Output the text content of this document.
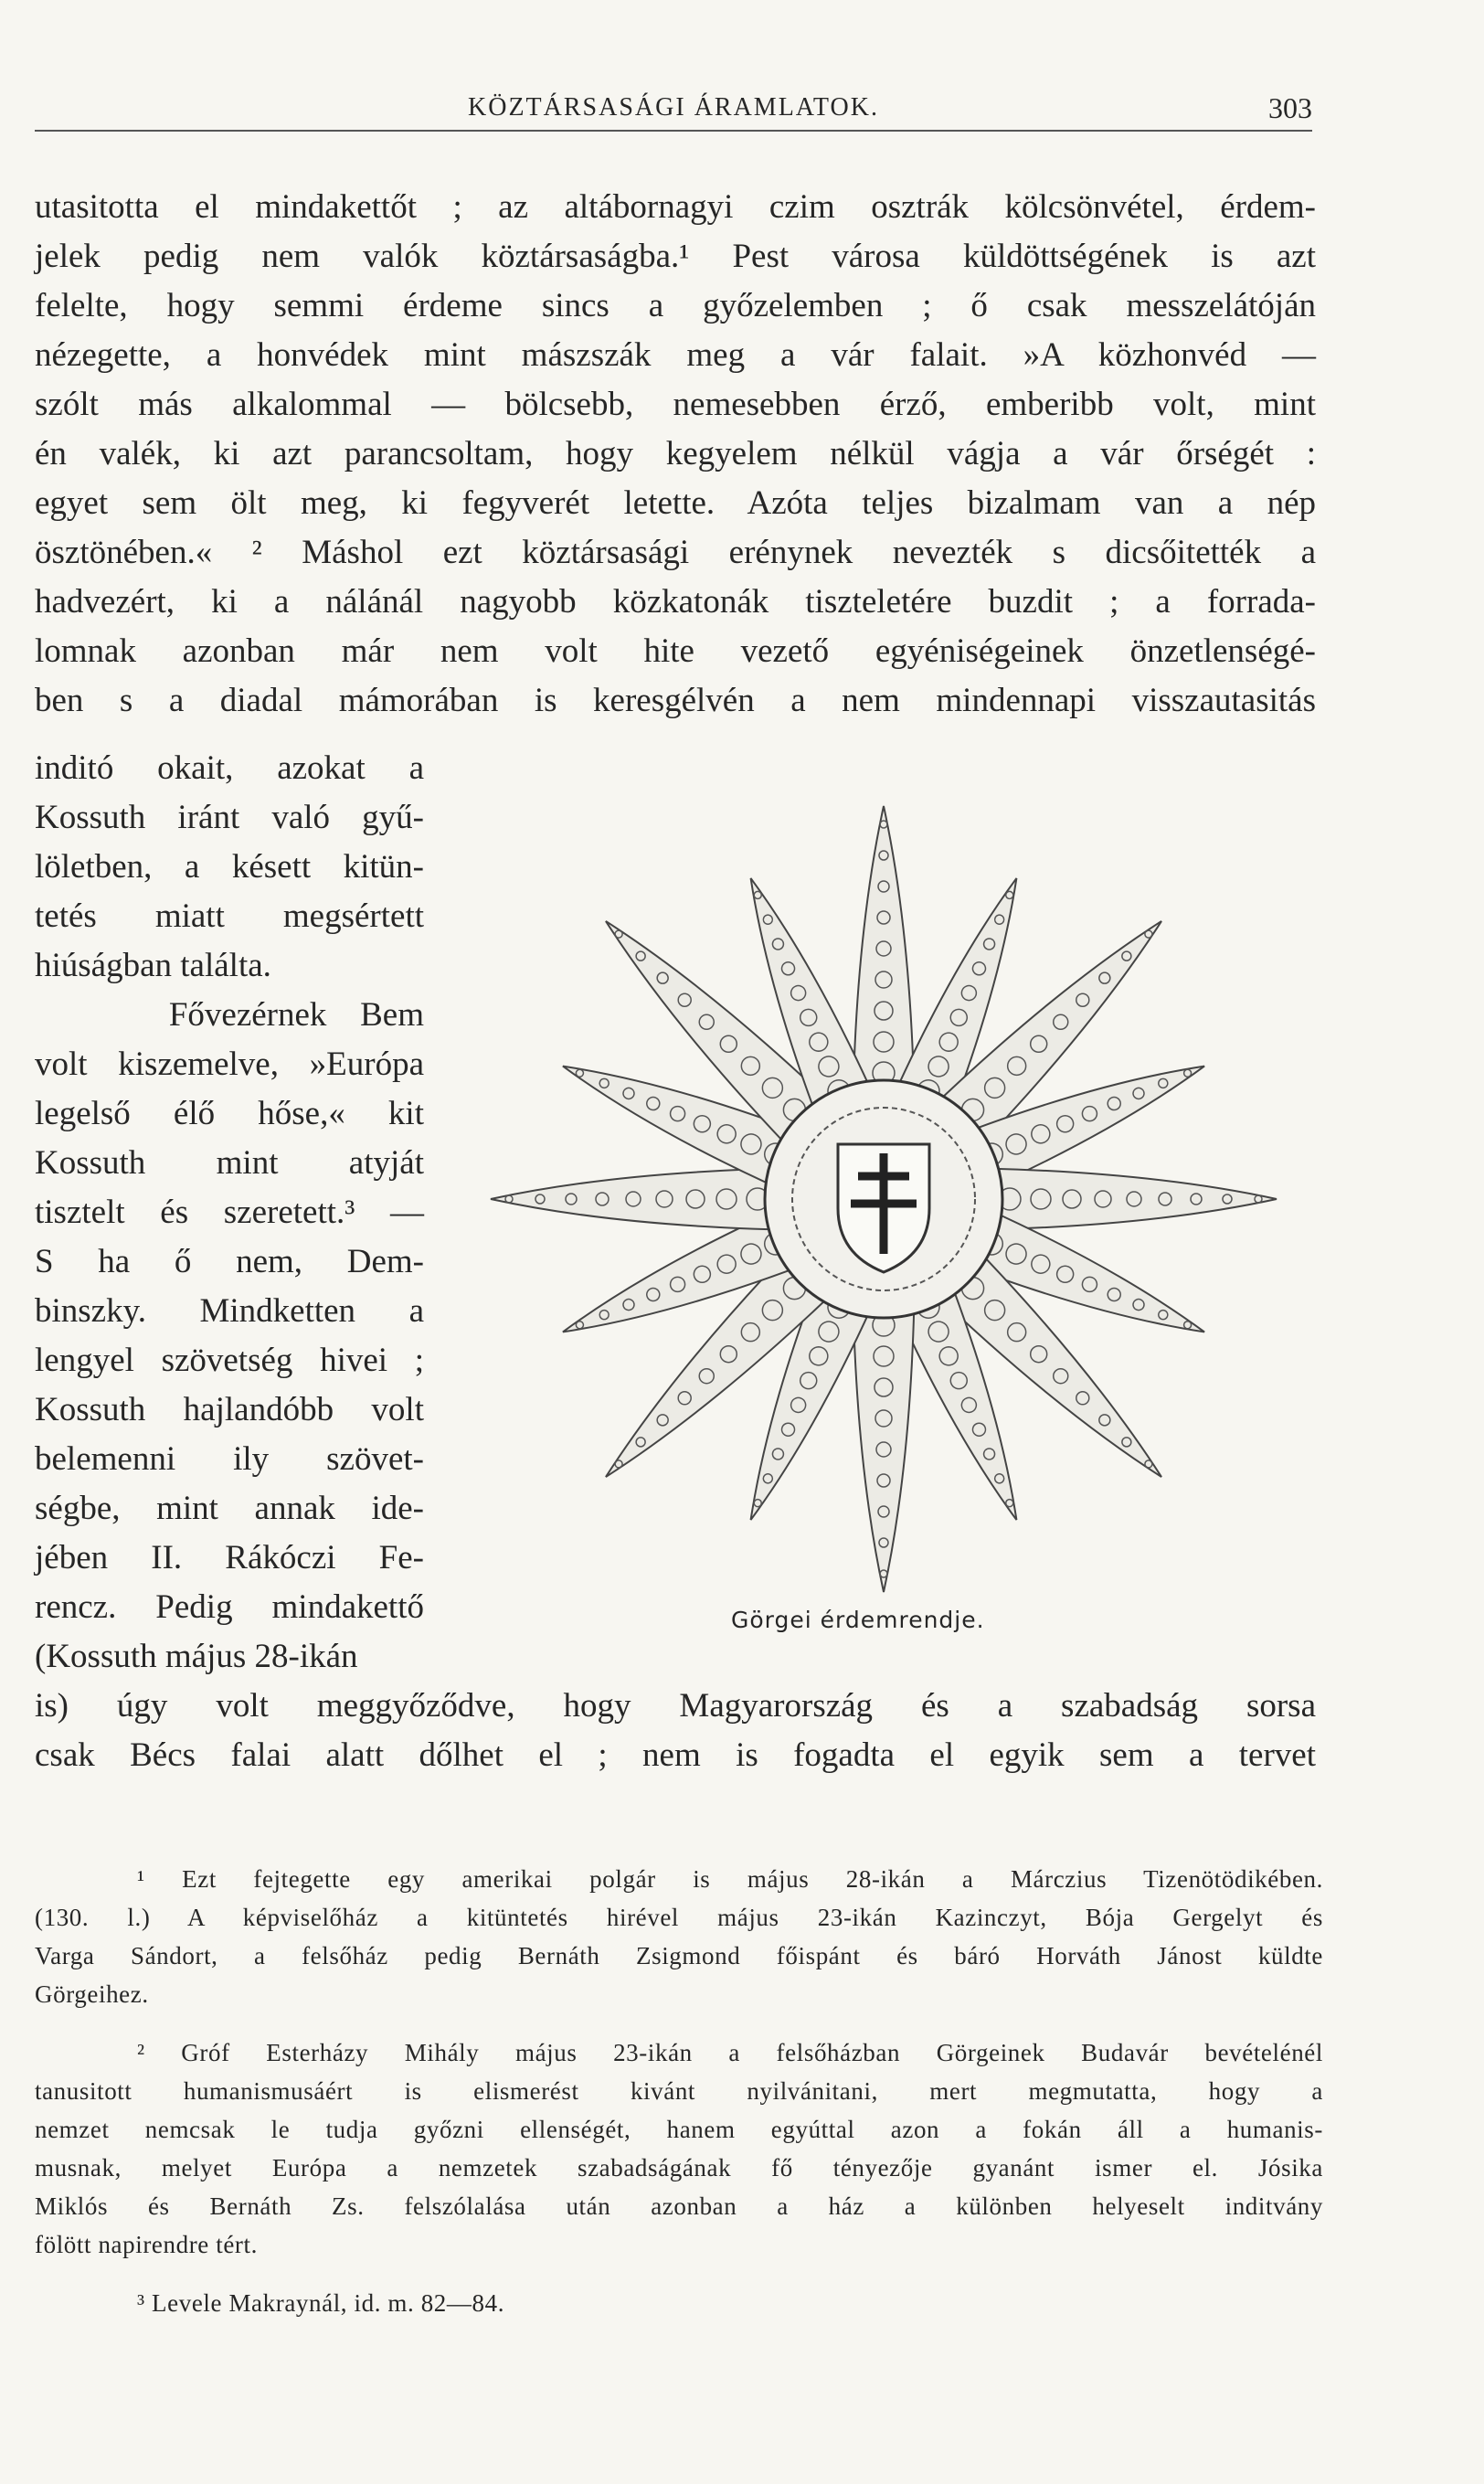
KÖZTÁRSASÁGI ÁRAMLATOK.	303
utasitotta el mindakettőt ; az altábornagyi czim osztrák kölcsönvétel, érdem-
jelek pedig nem valók köztársaságba.¹ Pest városa küldöttségének is azt
felelte, hogy semmi érdeme sincs a győzelemben ; ő csak messzelátóján
nézegette, a honvédek mint mászszák meg a vár falait. »A közhonvéd —
szólt más alkalommal — bölcsebb, nemesebben érző, emberibb volt, mint
én valék, ki azt parancsoltam, hogy kegyelem nélkül vágja a vár őrségét :
egyet sem ölt meg, ki fegyverét letette. Azóta teljes bizalmam van a nép
ösztönében.« ² Máshol ezt köztársasági erénynek nevezték s dicsőitették a
hadvezért, ki a nálánál nagyobb közkatonák tiszteletére buzdit ; a forrada-
lomnak azonban már nem volt hite vezető egyéniségeinek önzetlenségé-
ben s a diadal mámorában is keresgélvén a nem mindennapi visszautasitás
inditó okait, azokat a
Kossuth iránt való gyű-
löletben, a késett kitün-
tetés miatt megsértett
hiúságban találta.
Fővezérnek Bem
volt kiszemelve, »Európa
legelső élő hőse,« kit
Kossuth mint atyját
tisztelt és szeretett.³ —
S ha ő nem, Dem-
binszky. Mindketten a
lengyel szövetség hivei ;
Kossuth hajlandóbb volt
belemenni ily szövet-
ségbe, mint annak ide-
jében II. Rákóczi Fe-
rencz. Pedig mindakettő
(Kossuth május 28-ikán
Görgei érdemrendje.
is) úgy volt meggyőződve, hogy Magyarország és a szabadság sorsa
csak Bécs falai alatt dőlhet el ; nem is fogadta el egyik sem a tervet
¹ Ezt fejtegette egy amerikai polgár is május 28-ikán a Márczius Tizenötödikében.
(130. l.) A képviselőház a kitüntetés hirével május 23-ikán Kazinczyt, Bója Gergelyt és
Varga Sándort, a felsőház pedig Bernáth Zsigmond főispánt és báró Horváth Jánost küldte
Görgeihez.
² Gróf Esterházy Mihály május 23-ikán a felsőházban Görgeinek Budavár bevételénél
tanusitott humanismusáért is elismerést kivánt nyilvánitani, mert megmutatta, hogy a
nemzet nemcsak le tudja győzni ellenségét, hanem egyúttal azon a fokán áll a humanis-
musnak, melyet Európa a nemzetek szabadságának fő tényezője gyanánt ismer el. Jósika
Miklós és Bernáth Zs. felszólalása után azonban a ház a különben helyeselt inditvány
fölött napirendre tért.
³ Levele Makraynál, id. m. 82—84.
